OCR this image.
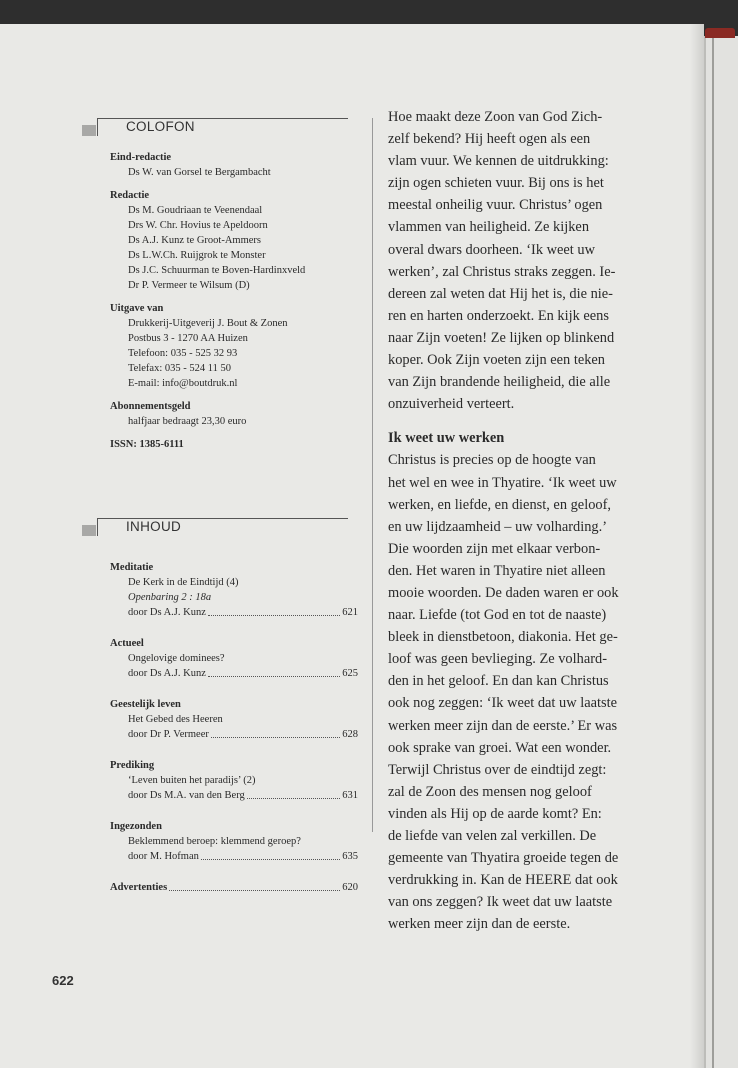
COLOFON
Eind-redactie
Ds W. van Gorsel te Bergambacht
Redactie
Ds M. Goudriaan te Veenendaal
Drs W. Chr. Hovius te Apeldoorn
Ds A.J. Kunz te Groot-Ammers
Ds L.W.Ch. Ruijgrok te Monster
Ds J.C. Schuurman te Boven-Hardinxveld
Dr P. Vermeer te Wilsum (D)
Uitgave van
Drukkerij-Uitgeverij J. Bout & Zonen
Postbus 3 - 1270 AA Huizen
Telefoon: 035 - 525 32 93
Telefax: 035 - 524 11 50
E-mail: info@boutdruk.nl
Abonnementsgeld
halfjaar bedraagt 23,30 euro
ISSN: 1385-6111
INHOUD
Meditatie
De Kerk in de Eindtijd (4)
Openbaring 2 : 18a
door Ds A.J. Kunz	621
Actueel
Ongelovige dominees?
door Ds A.J. Kunz	625
Geestelijk leven
Het Gebed des Heeren
door Dr P. Vermeer	628
Prediking
‘Leven buiten het paradijs’ (2)
door Ds M.A. van den Berg	631
Ingezonden
Beklemmend beroep: klemmend geroep?
door M. Hofman	635
Advertenties	620
Hoe maakt deze Zoon van God Zich-
zelf bekend? Hij heeft ogen als een
vlam vuur. We kennen de uitdrukking:
zijn ogen schieten vuur. Bij ons is het
meestal onheilig vuur. Christus’ ogen
vlammen van heiligheid. Ze kijken
overal dwars doorheen. ‘Ik weet uw
werken’, zal Christus straks zeggen. Ie-
dereen zal weten dat Hij het is, die nie-
ren en harten onderzoekt. En kijk eens
naar Zijn voeten! Ze lijken op blinkend
koper. Ook Zijn voeten zijn een teken
van Zijn brandende heiligheid, die alle
onzuiverheid verteert.
Ik weet uw werken
Christus is precies op de hoogte van
het wel en wee in Thyatire. ‘Ik weet uw
werken, en liefde, en dienst, en geloof,
en uw lijdzaamheid – uw volharding.’
Die woorden zijn met elkaar verbon-
den. Het waren in Thyatire niet alleen
mooie woorden. De daden waren er ook
naar. Liefde (tot God en tot de naaste)
bleek in dienstbetoon, diakonia. Het ge-
loof was geen bevlieging. Ze volhard-
den in het geloof. En dan kan Christus
ook nog zeggen: ‘Ik weet dat uw laatste
werken meer zijn dan de eerste.’ Er was
ook sprake van groei. Wat een wonder.
Terwijl Christus over de eindtijd zegt:
zal de Zoon des mensen nog geloof
vinden als Hij op de aarde komt? En:
de liefde van velen zal verkillen. De
gemeente van Thyatira groeide tegen de
verdrukking in. Kan de HEERE dat ook
van ons zeggen? Ik weet dat uw laatste
werken meer zijn dan de eerste.
622
